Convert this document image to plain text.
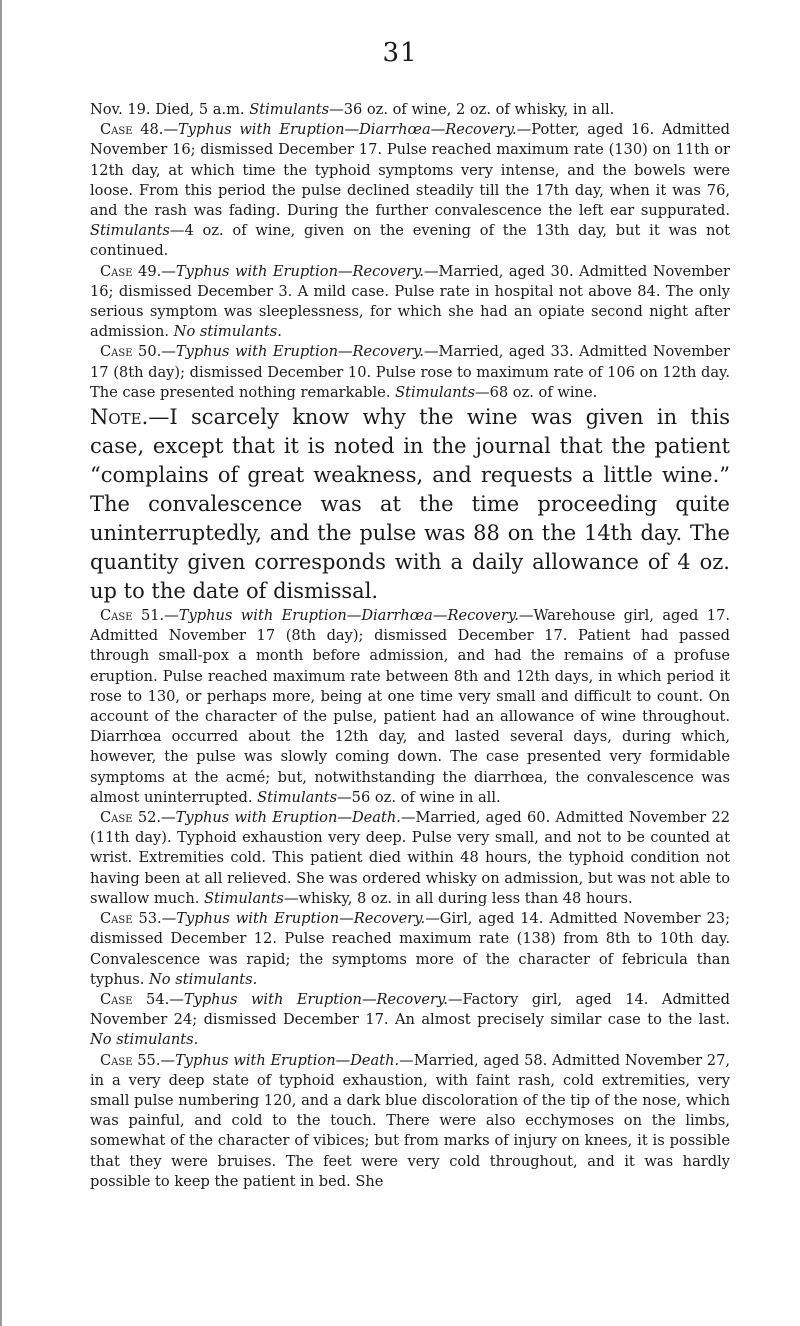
31

Nov. 19. Died, 5 a.m. Stimulants—36 oz. of wine, 2 oz. of whisky, in all.

Case 48.—Typhus with Eruption—Diarrhœa—Recovery.—Potter, aged 16. Admitted November 16; dismissed December 17. Pulse reached maximum rate (130) on 11th or 12th day, at which time the typhoid symptoms very intense, and the bowels were loose. From this period the pulse declined steadily till the 17th day, when it was 76, and the rash was fading. During the further convalescence the left ear suppurated. Stimulants—4 oz. of wine, given on the evening of the 13th day, but it was not continued.

Case 49.—Typhus with Eruption—Recovery.—Married, aged 30. Admitted November 16; dismissed December 3. A mild case. Pulse rate in hospital not above 84. The only serious symptom was sleeplessness, for which she had an opiate second night after admission. No stimulants.

Case 50.—Typhus with Eruption—Recovery.—Married, aged 33. Admitted November 17 (8th day); dismissed December 10. Pulse rose to maximum rate of 106 on 12th day. The case presented nothing remarkable. Stimulants—68 oz. of wine.

Note.—I scarcely know why the wine was given in this case, except that it is noted in the journal that the patient “complains of great weakness, and requests a little wine.” The convalescence was at the time proceeding quite uninterruptedly, and the pulse was 88 on the 14th day. The quantity given corresponds with a daily allowance of 4 oz. up to the date of dismissal.

Case 51.—Typhus with Eruption—Diarrhœa—Recovery.—Warehouse girl, aged 17. Admitted November 17 (8th day); dismissed December 17. Patient had passed through small-pox a month before admission, and had the remains of a profuse eruption. Pulse reached maximum rate between 8th and 12th days, in which period it rose to 130, or perhaps more, being at one time very small and difficult to count. On account of the character of the pulse, patient had an allowance of wine throughout. Diarrhœa occurred about the 12th day, and lasted several days, during which, however, the pulse was slowly coming down. The case presented very formidable symptoms at the acmé; but, notwithstanding the diarrhœa, the convalescence was almost uninterrupted. Stimulants—56 oz. of wine in all.

Case 52.—Typhus with Eruption—Death.—Married, aged 60. Admitted November 22 (11th day). Typhoid exhaustion very deep. Pulse very small, and not to be counted at wrist. Extremities cold. This patient died within 48 hours, the typhoid condition not having been at all relieved. She was ordered whisky on admission, but was not able to swallow much. Stimulants—whisky, 8 oz. in all during less than 48 hours.

Case 53.—Typhus with Eruption—Recovery.—Girl, aged 14. Admitted November 23; dismissed December 12. Pulse reached maximum rate (138) from 8th to 10th day. Convalescence was rapid; the symptoms more of the character of febricula than typhus. No stimulants.

Case 54.—Typhus with Eruption—Recovery.—Factory girl, aged 14. Admitted November 24; dismissed December 17. An almost precisely similar case to the last. No stimulants.

Case 55.—Typhus with Eruption—Death.—Married, aged 58. Admitted November 27, in a very deep state of typhoid exhaustion, with faint rash, cold extremities, very small pulse numbering 120, and a dark blue discoloration of the tip of the nose, which was painful, and cold to the touch. There were also ecchymoses on the limbs, somewhat of the character of vibices; but from marks of injury on knees, it is possible that they were bruises. The feet were very cold throughout, and it was hardly possible to keep the patient in bed. She
